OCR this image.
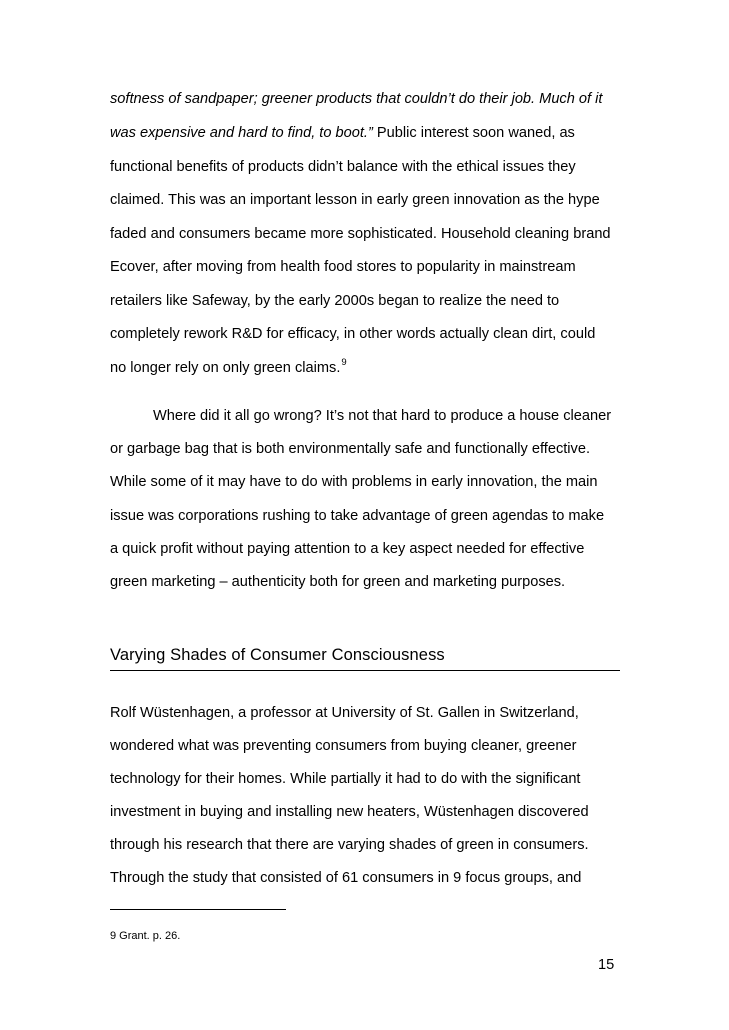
softness of sandpaper; greener products that couldn’t do their job. Much of it
was expensive and hard to find, to boot.” Public interest soon waned, as
functional benefits of products didn’t balance with the ethical issues they
claimed. This was an important lesson in early green innovation as the hype
faded and consumers became more sophisticated. Household cleaning brand
Ecover, after moving from health food stores to popularity in mainstream
retailers like Safeway, by the early 2000s began to realize the need to
completely rework R&D for efficacy, in other words actually clean dirt, could
no longer rely on only green claims.$^9$
Where did it all go wrong? It’s not that hard to produce a house cleaner
or garbage bag that is both environmentally safe and functionally effective.
While some of it may have to do with problems in early innovation, the main
issue was corporations rushing to take advantage of green agendas to make
a quick profit without paying attention to a key aspect needed for effective
green marketing – authenticity both for green and marketing purposes.
Varying Shades of Consumer Consciousness
Rolf Wüstenhagen, a professor at University of St. Gallen in Switzerland,
wondered what was preventing consumers from buying cleaner, greener
technology for their homes. While partially it had to do with the significant
investment in buying and installing new heaters, Wüstenhagen discovered
through his research that there are varying shades of green in consumers.
Through the study that consisted of 61 consumers in 9 focus groups, and
9 Grant. p. 26.
15
